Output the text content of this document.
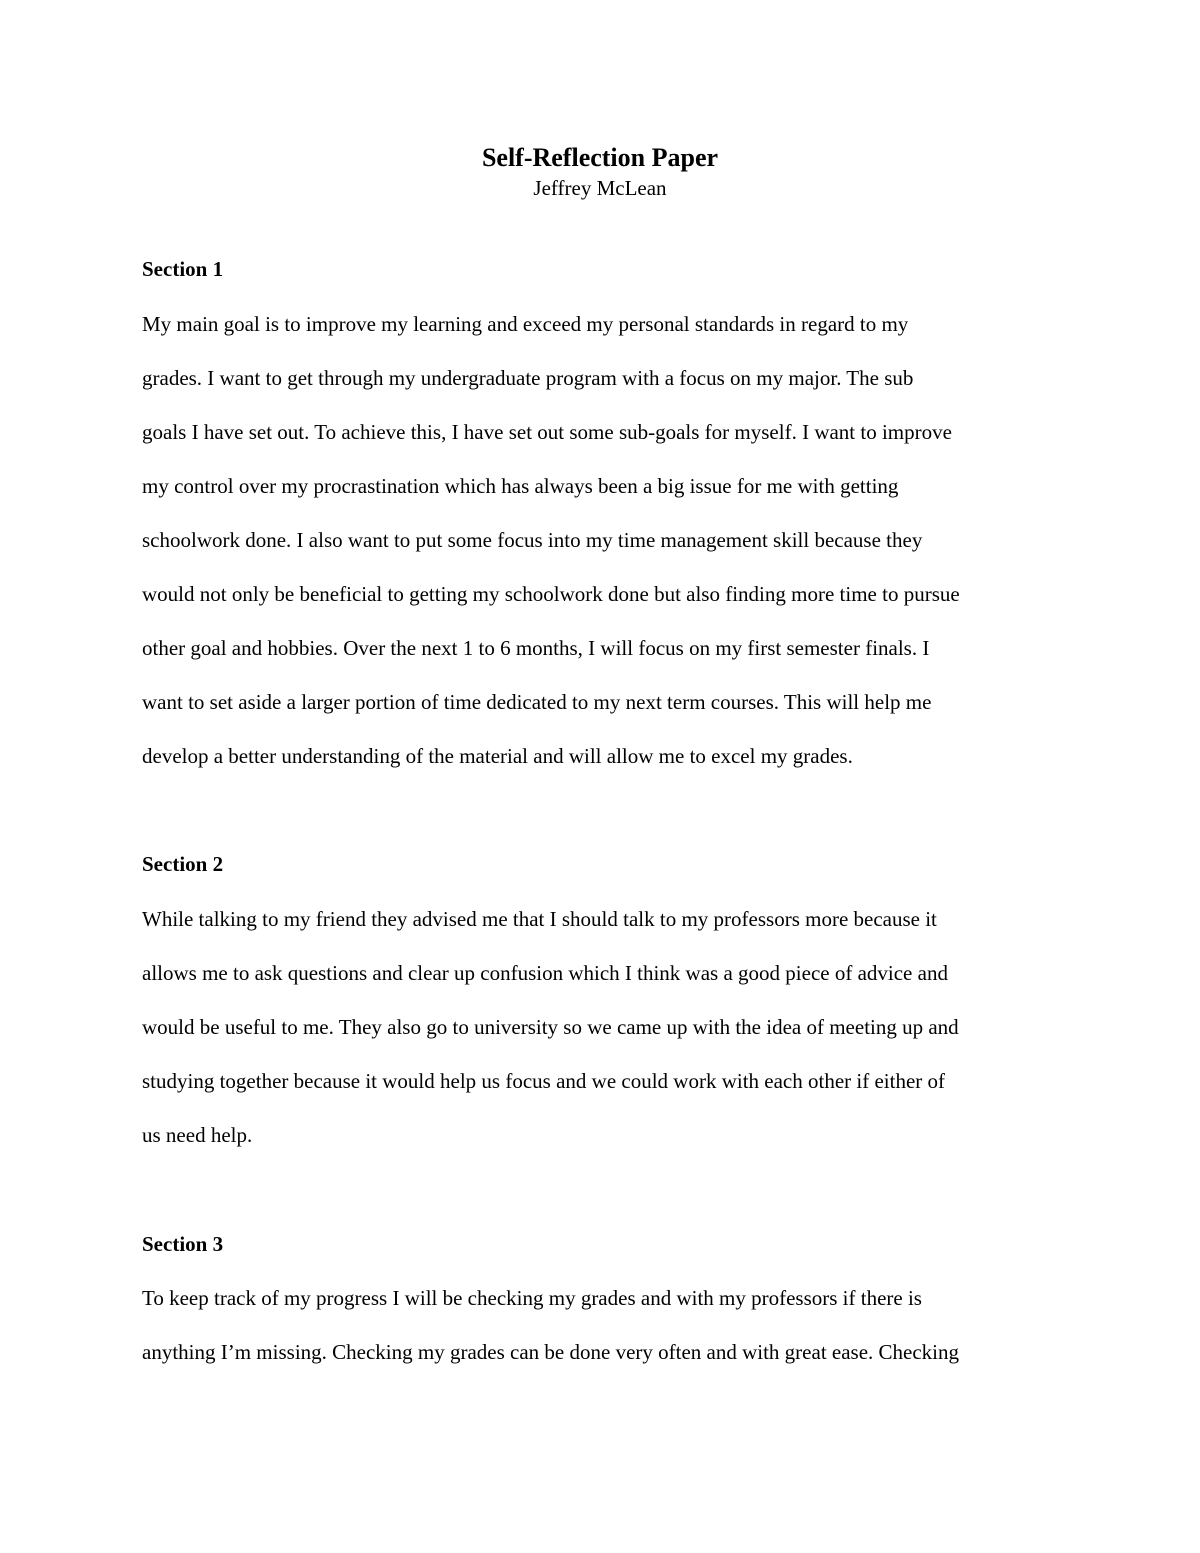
Self-Reflection Paper

Jeffrey McLean

Section 1
My main goal is to improve my learning and exceed my personal standards in regard to my
grades. I want to get through my undergraduate program with a focus on my major. The sub
goals I have set out. To achieve this, I have set out some sub-goals for myself. I want to improve
my control over my procrastination which has always been a big issue for me with getting
schoolwork done. I also want to put some focus into my time management skill because they
would not only be beneficial to getting my schoolwork done but also finding more time to pursue
other goal and hobbies. Over the next 1 to 6 months, I will focus on my first semester finals. I
want to set aside a larger portion of time dedicated to my next term courses. This will help me
develop a better understanding of the material and will allow me to excel my grades.
Section 2
While talking to my friend they advised me that I should talk to my professors more because it
allows me to ask questions and clear up confusion which I think was a good piece of advice and
would be useful to me. They also go to university so we came up with the idea of meeting up and
studying together because it would help us focus and we could work with each other if either of
us need help.
Section 3
To keep track of my progress I will be checking my grades and with my professors if there is
anything I’m missing. Checking my grades can be done very often and with great ease. Checking
